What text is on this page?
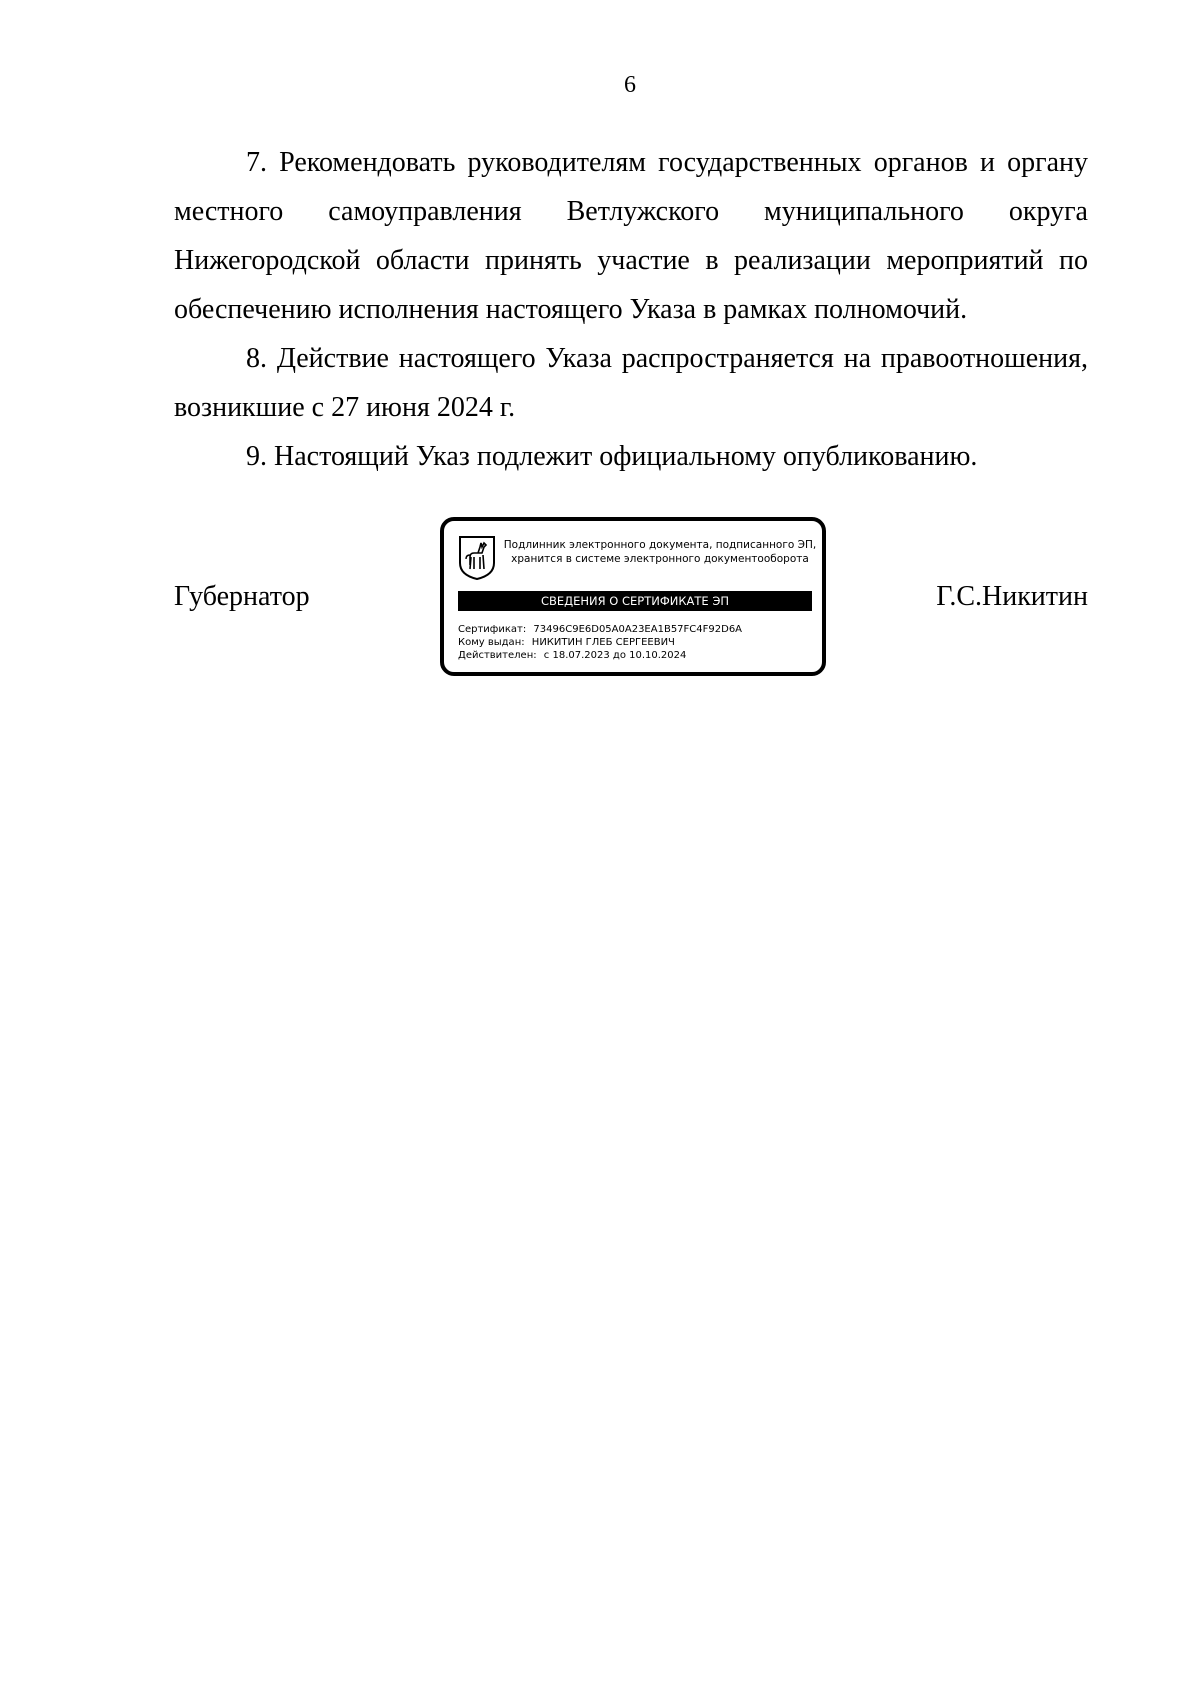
6

7. Рекомендовать руководителям государственных органов и органу местного самоуправления Ветлужского муниципального округа Нижегородской области принять участие в реализации мероприятий по обеспечению исполнения настоящего Указа в рамках полномочий.

8. Действие настоящего Указа распространяется на правоотношения, возникшие с 27 июня 2024 г.

9. Настоящий Указ подлежит официальному опубликованию.

Губернатор
Подлинник электронного документа, подписанного ЭП,
хранится в системе электронного документооборота
СВЕДЕНИЯ О СЕРТИФИКАТЕ ЭП
Сертификат: 73496C9E6D05A0A23EA1B57FC4F92D6A
Кому выдан: НИКИТИН ГЛЕБ СЕРГЕЕВИЧ
Действителен: с 18.07.2023 до 10.10.2024
Г.С.Никитин
